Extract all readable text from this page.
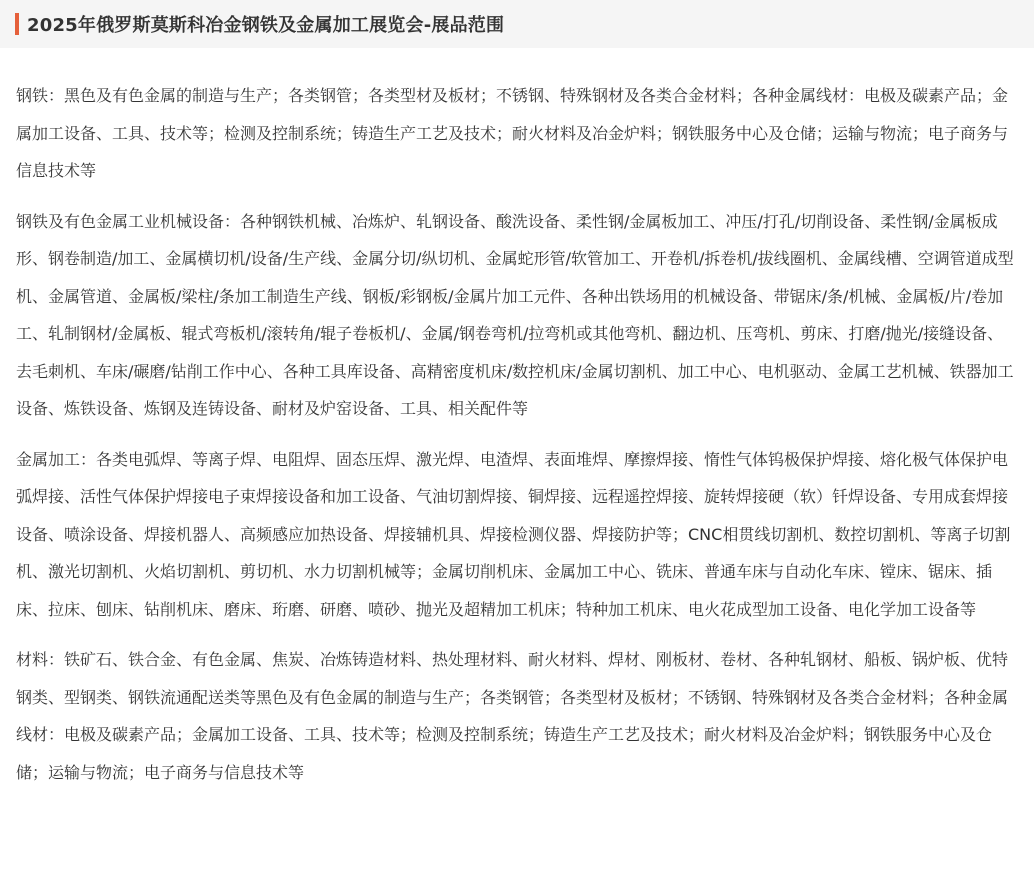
2025年俄罗斯莫斯科冶金钢铁及金属加工展览会-展品范围

钢铁：黑色及有色金属的制造与生产；各类钢管；各类型材及板材；不锈钢、特殊钢材及各类合金材料；各种金属线材：电极及碳素产品；金属加工设备、工具、技术等；检测及控制系统；铸造生产工艺及技术；耐火材料及冶金炉料；钢铁服务中心及仓储；运输与物流；电子商务与信息技术等

钢铁及有色金属工业机械设备：各种钢铁机械、冶炼炉、轧钢设备、酸洗设备、柔性钢/金属板加工、冲压/打孔/切削设备、柔性钢/金属板成形、钢卷制造/加工、金属横切机/设备/生产线、金属分切/纵切机、金属蛇形管/软管加工、开卷机/拆卷机/拔线圈机、金属线槽、空调管道成型机、金属管道、金属板/梁柱/条加工制造生产线、钢板/彩钢板/金属片加工元件、各种出铁场用的机械设备、带锯床/条/机械、金属板/片/卷加工、轧制钢材/金属板、辊式弯板机/滚转角/辊子卷板机/、金属/钢卷弯机/拉弯机或其他弯机、翻边机、压弯机、剪床、打磨/抛光/接缝设备、去毛刺机、车床/碾磨/钻削工作中心、各种工具库设备、高精密度机床/数控机床/金属切割机、加工中心、电机驱动、金属工艺机械、铁器加工设备、炼铁设备、炼钢及连铸设备、耐材及炉窑设备、工具、相关配件等

金属加工：各类电弧焊、等离子焊、电阻焊、固态压焊、激光焊、电渣焊、表面堆焊、摩擦焊接、惰性气体钨极保护焊接、熔化极气体保护电弧焊接、活性气体保护焊接电子束焊接设备和加工设备、气油切割焊接、铜焊接、远程遥控焊接、旋转焊接硬（软）钎焊设备、专用成套焊接设备、喷涂设备、焊接机器人、高频感应加热设备、焊接辅机具、焊接检测仪器、焊接防护等；CNC相贯线切割机、数控切割机、等离子切割机、激光切割机、火焰切割机、剪切机、水力切割机械等；金属切削机床、金属加工中心、铣床、普通车床与自动化车床、镗床、锯床、插床、拉床、刨床、钻削机床、磨床、珩磨、研磨、喷砂、抛光及超精加工机床；特种加工机床、电火花成型加工设备、电化学加工设备等

材料：铁矿石、铁合金、有色金属、焦炭、冶炼铸造材料、热处理材料、耐火材料、焊材、刚板材、卷材、各种轧钢材、船板、锅炉板、优特钢类、型钢类、钢铁流通配送类等黑色及有色金属的制造与生产；各类钢管；各类型材及板材；不锈钢、特殊钢材及各类合金材料；各种金属线材：电极及碳素产品；金属加工设备、工具、技术等；检测及控制系统；铸造生产工艺及技术；耐火材料及冶金炉料；钢铁服务中心及仓储；运输与物流；电子商务与信息技术等
